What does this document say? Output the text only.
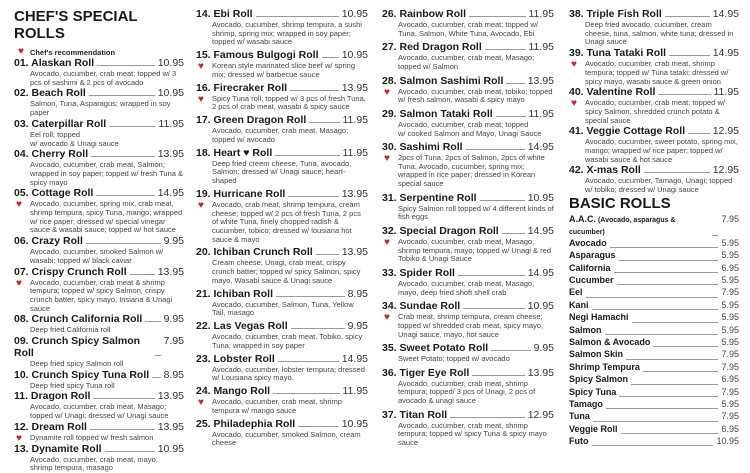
CHEF'S SPECIAL ROLLS
♥ Chef's recommendation
01. Alaskan Roll	10.95
Avocado, cucumber, crab meat; topped w/ 3 pcs of sashimi & 2 pcs of avocado
02. Beach Roll	10.95
Salmon, Tuna, Asparagus; wrapped in soy paper
03. Caterpillar Roll	11.95
Eel roll; topped
w/ avocado & Unagi sauce
04. Cherry Roll	13.95
Avocado, cucumber, crab meat, Salmon; wrapped in soy paper; topped w/ fresh Tuna & spicy mayo
05. Cottage Roll	14.95
Avocado, cucumber, spring mix, crab meat, shrimp tempura, spicy Tuna, mango; wrapped w/ rice paper; dressed w/ special vinegar sauce & wasabi sauce; topped w/ hot sauce
♥
06. Crazy Roll	9.95
Avocado, cucumber, smoked Salmon w/ wasabi; topped w/ black caviar
07. Crispy Crunch Roll	13.95
Avocado, cucumber, crab meat & shrimp tempura; topped w/ spicy Salmon, crispy crunch batter, spicy mayo, Insiana & Unagi sauce
♥
08. Crunch California Roll 9.95
Deep fried California roll
09. Crunch Spicy Salmon Roll
7.95
Deep fried spicy Salmon roll
10. Crunch Spicy Tuna Roll 8.95
Deep fried spicy Tuna roll
11. Dragon Roll	13.95
Avocado, cucumber, crab meat, Masago; topped w/ Unagi; dressed w/ Unagi sauce
12. Dream Roll	13.95
Dynamite roll topped w/ fresh salmon
♥
13. Dynamite Roll	10.95
Avocado, cucumber, crab meat, mayo,
shrimp tempura, masago
14. Ebi Roll	10.95
Avocado, cucumber, shrimp tempura, a sushi shrimp, spring mix; wrapped in soy paper; topped w/ wasabi sauce
15. Famous Bulgogi Roll 10.95
Korean style marinated slice beef w/ spring mix; dressed w/ barbecue sauce
♥
16. Firecraker Roll	13.95
Spicy Tuna roll; topped w/ 3 pcs of fresh Tuna, 2 pcs of crab meat, wasabi & spicy sauce
♥
17. Green Dragon Roll	11.95
Avocado, cucumber, crab meat, Masago;
topped w/ avocado
18. Heart ♥ Roll	11.95
Deep fried creem cheese, Tuna, avocado, Salmon; dressed w/ Unagi sauce; heart-shaped
19. Hurricane Roll	13.95
Avocado, crab meat, shrimp tempura, cream cheese; topped w/ 2 pcs of fresh Tuna, 2 pcs of white Tuna, finely chopped radish & cucumber, tobico; dressed w/ lousiana hot sauce & mayo
♥
20. Ichiban Crunch Roll	13.95
Cream cheese, Unagi, crab meat, crispy crunch batter; topped w/ spicy Salmon, spicy mayo, Wasabi sauce & Unagi sauce
21. Ichiban Roll	8.95
Avocado, cucumber, Salmon, Tuna, Yellow Tail, masago
22. Las Vegas Roll	9.95
Avocado, cucumber, crab meat, Tobiko, spicy Tuna; wrapped in soy paper
23. Lobster Roll	14.95
Avocado, cucumber, lobster tempura; dressed w/ Lousiana spicy mayo.
24. Mango Roll	11.95
Avocado, cucumber, crab meat, shrimp tempura w/ mango sauce
♥
25. Philadephia Roll	10.95
Avocado, cucumber, smoked Salmon, cream cheese
26. Rainbow Roll	11.95
Avocado, cucumber, crab meat; topped w/ Tuna, Salmon, White Tuna, Avocado, Ebi
27. Red Dragon Roll	11.95
Avocado, cucumber, crab meat, Masago;
topped w/ Salmon
28. Salmon Sashimi Roll 13.95
Avocado, cucumber, crab meat, tobiko; topped w/ fresh salmon, wasabi & spicy mayo
♥
29. Salmon Tataki Roll	11.95
Avocado, cucumber, crab meat; topped
w/ cooked Salmon and Mayo, Unagi Sauce
30. Sashimi Roll	14.95
2pcs of Tuna, 2pcs of Salmon, 2pcs of white Tuna, Avocado, cucumber, spring mix; wrapped in rice paper; dressed in Korean special sauce
♥
31. Serpentine Roll	10.95
Spicy Salmon roll topped w/ 4 different kinds of fish eggs
32. Special Dragon Roll	14.95
Avocado, cucumber, crab meat, Masago, shrimp tempura, mayo; topped w/ Unagi & red Tobiko & Unagi Sauce
♥
33. Spider Roll	14.95
Avocado, cucumber, crab meat, Masago, mayo, deep fried shoft shell crab
34. Sundae Roll	10.95
Crab meat, shrimp tempura, cream cheese; topped w/ shredded crab meat, spicy mayo, Unagi sauce, mayo, hot sauce
♥
35. Sweet Potato Roll	9.95
Sweet Potato; topped w/ avocado
36. Tiger Eye Roll	13.95
Avocado, cucumber, crab meat, shrimp tempura; topped/ 3 pcs of Unagi, 2 pcs of avocado & unagi sauce
37. Titan Roll	12.95
Avocado, cucumber, crab meat, shrimp tempura; topped w/ spicy Tuna & spicy mayo sauce
38. Triple Fish Roll	14.95
Deep fried avocado, cucumber, cream cheese, tuna, salmon, white tuna; dressed in Unagi sauce
39. Tuna Tataki Roll	14.95
Avocado, cucumber, crab meat, shrimp tempura; topped w/ Tuna tataki; dressed w/ spicy mayo, wasabi sauce & green onion
♥
40. Valentine Roll	11.95
Avocado, cucumber, crab meat; topped w/ spicy Salmon, shredded crunch potato & special sauce
♥
41. Veggie Cottage Roll	12.95
Avocado, cucumber, sweet potato, spring mix, mango; wrapped w/ rice paper; topped w/ wasabi sauce & hot sauce
42. X-mas Roll	12.95
Avocado, cucumber, Tamago, Unagi; topped w/ tobiko; dressed w/ Unagi sauce
BASIC ROLLS
A.A.C. (Avocado, asparagus & cucumber)
7.95
Avocado	5.95
Asparagus	5.95
California	6.95
Cucumber	5.95
Eel	7.95
Kani	5.95
Negi Hamachi	5.95
Salmon	5.95
Salmon & Avocado	5.95
Salmon Skin	7.95
Shrimp Tempura	7.95
Spicy Salmon	6.95
Spicy Tuna	7.95
Tamago	5.95
Tuna	7.95
Veggie Roll	6.95
Futo	10.95
